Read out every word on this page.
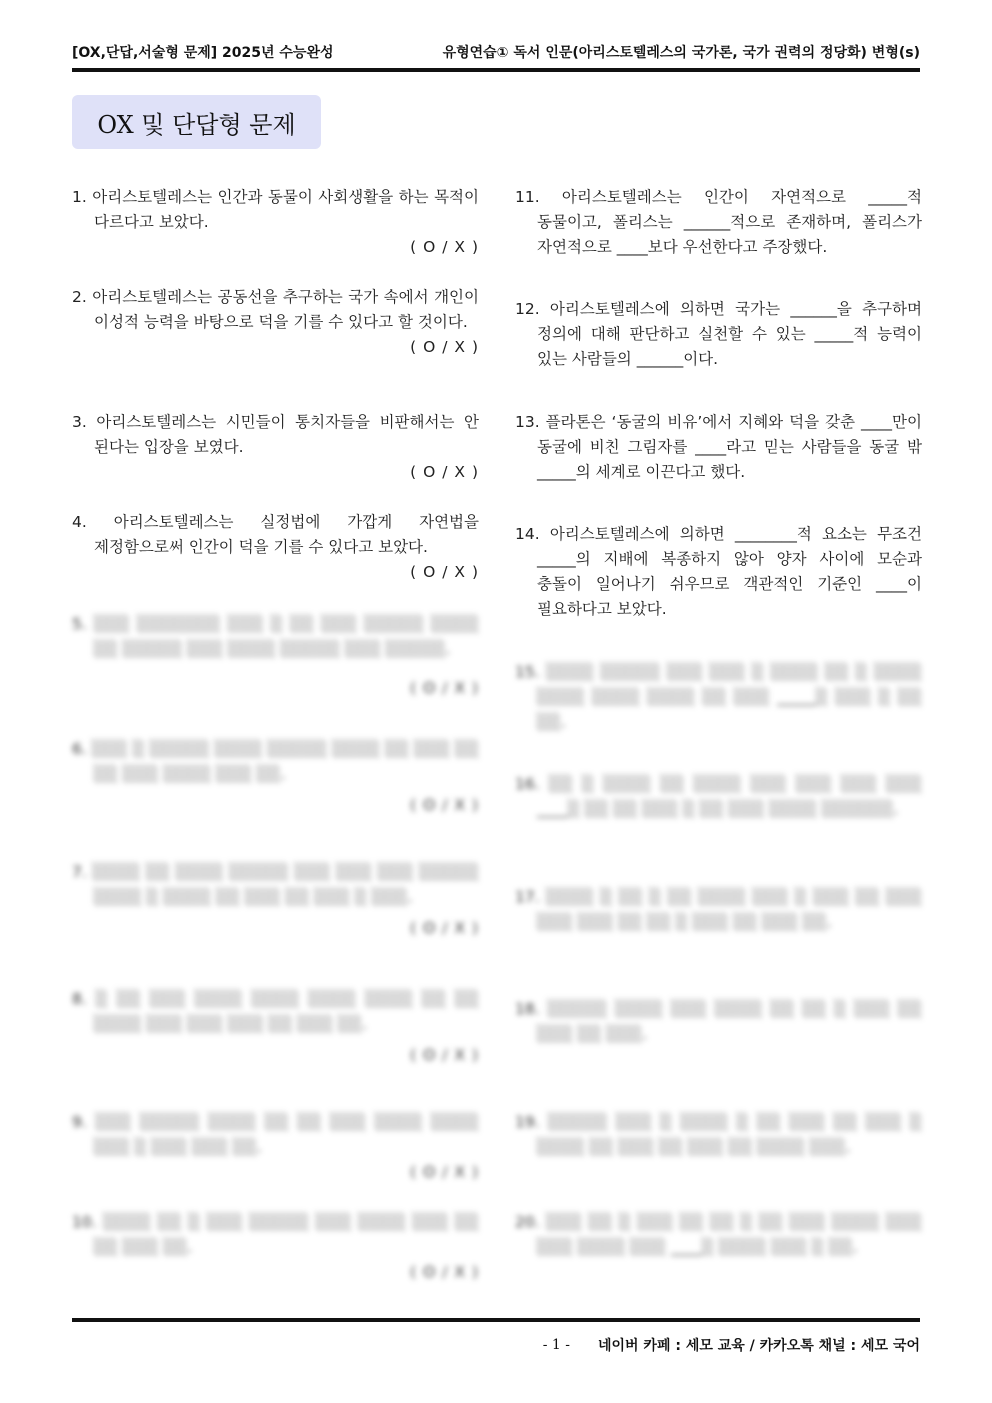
[OX,단답,서술형 문제] 2025년 수능완성	유형연습① 독서 인문(아리스토텔레스의 국가론, 국가 권력의 정당화) 변형(s)
OX 및 단답형 문제
1. 아리스토텔레스는 인간과 동물이 사회생활을 하는 목적이 다르다고 보았다.
( O / X )
2. 아리스토텔레스는 공동선을 추구하는 국가 속에서 개인이 이성적 능력을 바탕으로 덕을 기를 수 있다고 할 것이다.
( O / X )
3. 아리스토텔레스는 시민들이 통치자들을 비판해서는 안 된다는 입장을 보였다.
( O / X )
4. 아리스토텔레스는 실정법에 가깝게 자연법을 제정함으로써 인간이 덕을 기를 수 있다고 보았다.
( O / X )
5. ░░░ ░░░░░░░ ░░░ ░ ░░ ░░░ ░░░░░ ░░░░ ░░ ░░░░░ ░░░ ░░░░ ░░░░░ ░░░ ░░░░░.
( O / X )
6. ░░░ ░ ░░░░░ ░░░░ ░░░░░ ░░░░ ░░ ░░░ ░░ ░░ ░░░ ░░░░ ░░░ ░░.
( O / X )
7. ░░░░ ░░ ░░░░ ░░░░░ ░░░ ░░░ ░░░ ░░░░░ ░░░░ ░ ░░░░ ░░ ░░░ ░░ ░░░ ░ ░░░.
( O / X )
8. ░ ░░ ░░░ ░░░░ ░░░░ ░░░░ ░░░░ ░░ ░░ ░░░░ ░░░ ░░░ ░░░ ░░ ░░░ ░░.
( O / X )
9. ░░░ ░░░░░ ░░░░ ░░ ░░ ░░░ ░░░░ ░░░░ ░░░ ░ ░░░ ░░░ ░░.
( O / X )
10. ░░░░ ░░ ░ ░░░ ░░░░░ ░░░ ░░░░ ░░░ ░░ ░░ ░░░ ░░.
( O / X )
11. 아리스토텔레스는 인간이 자연적으로 _____적 동물이고, 폴리스는 ______적으로 존재하며, 폴리스가 자연적으로 ____보다 우선한다고 주장했다.
12. 아리스토텔레스에 의하면 국가는 ______을 추구하며 정의에 대해 판단하고 실천할 수 있는 _____적 능력이 있는 사람들의 ______이다.
13. 플라톤은 ‘동굴의 비유’에서 지혜와 덕을 갖춘 ____만이 동굴에 비친 그림자를 ____라고 믿는 사람들을 동굴 밖 _____의 세계로 이끈다고 했다.
14. 아리스토텔레스에 의하면 ________적 요소는 무조건 _____의 지배에 복종하지 않아 양자 사이에 모순과 충돌이 일어나기 쉬우므로 객관적인 기준인 ____이 필요하다고 보았다.
15. ░░░░ ░░░░░ ░░░ ░░░ ░ ░░░░ ░░ ░ ░░░░ ░░░░ ░░░░ ░░░░ ░░ ░░░ _____░ ░░░ ░ ░░ ░░.
16. ░░ ░ ░░░░ ░░ ░░░░ ░░░ ░░░ ░░░ ░░░ ____░ ░░ ░░ ░░░ ░ ░░ ░░░ ░░░░ ░░░░░░.
17. ░░░░ ░ ░░ ░ ░░ ░░░░ ░░░ ░ ░░░ ░░ ░░░ ░░░ ░░░ ░░ ░░ ░ ░░░ ░░ ░░░ ░░.
18. ░░░░░ ░░░░ ░░░ ░░░░ ░░ ░░ ░ ░░░ ░░ ░░░ ░░ ░░░.
19. ░░░░░ ░░░ ░ ░░░░ ░ ░░ ░░░ ░░ ░░░ ░ ░░░░ ░░ ░░░ ░░ ░░░ ░░ ░░░░ ░░░.
20. ░░░ ░░ ░ ░░░ ░░ ░░ ░ ░░ ░░░ ░░░░ ░░░ ░░░ ░░░░ ░░░ ____░ ░░░░ ░░░ ░ ░░.
- 1 - 네이버 카페 : 세모 교육 / 카카오톡 채널 : 세모 국어
